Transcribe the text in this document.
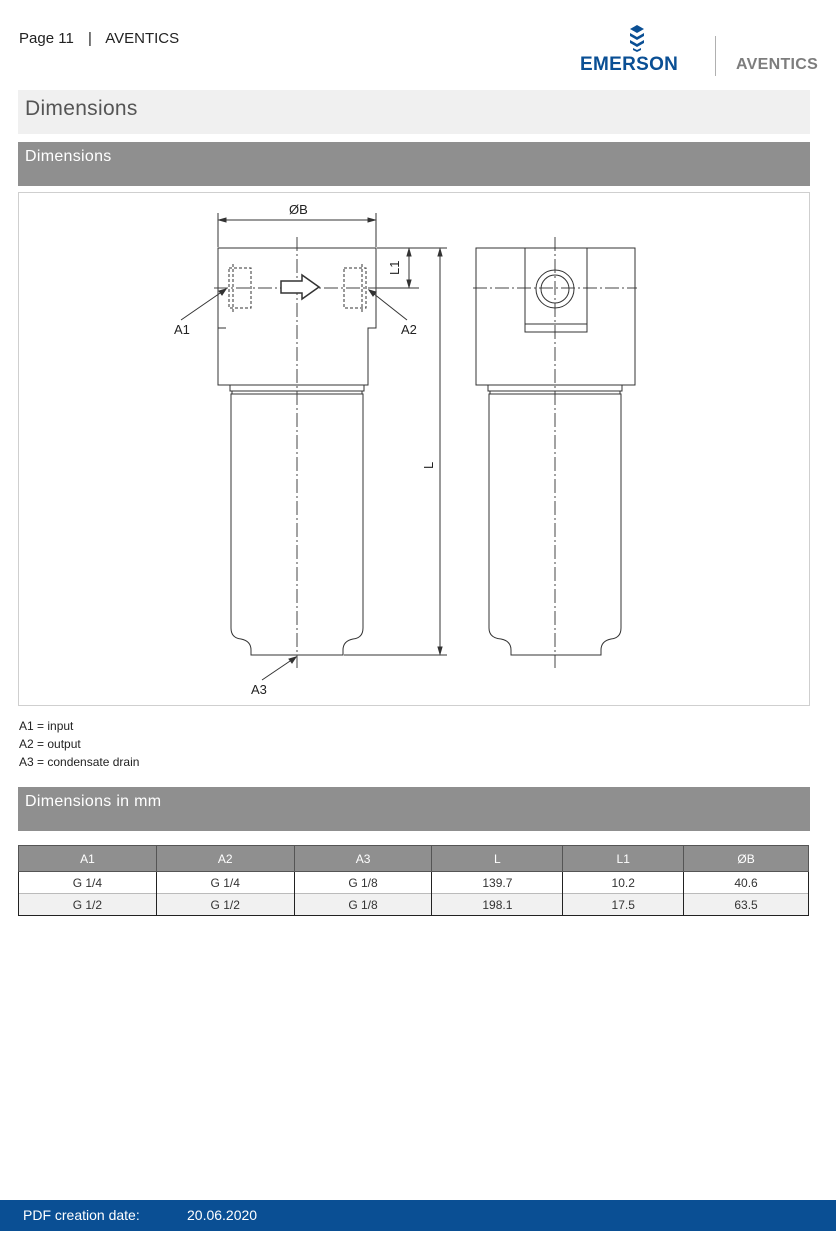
Page 11 | AVENTICS
EMERSON	AVENTICS
Dimensions
Dimensions
ØB
L1
L
A1	A2
A3
A1 = input
A2 = output
A3 = condensate drain
Dimensions in mm
A1	A2	A3	L	L1	ØB
G 1/4	G 1/4	G 1/8	139.7	10.2	40.6
G 1/2	G 1/2	G 1/8	198.1	17.5	63.5
PDF creation date:	20.06.2020
